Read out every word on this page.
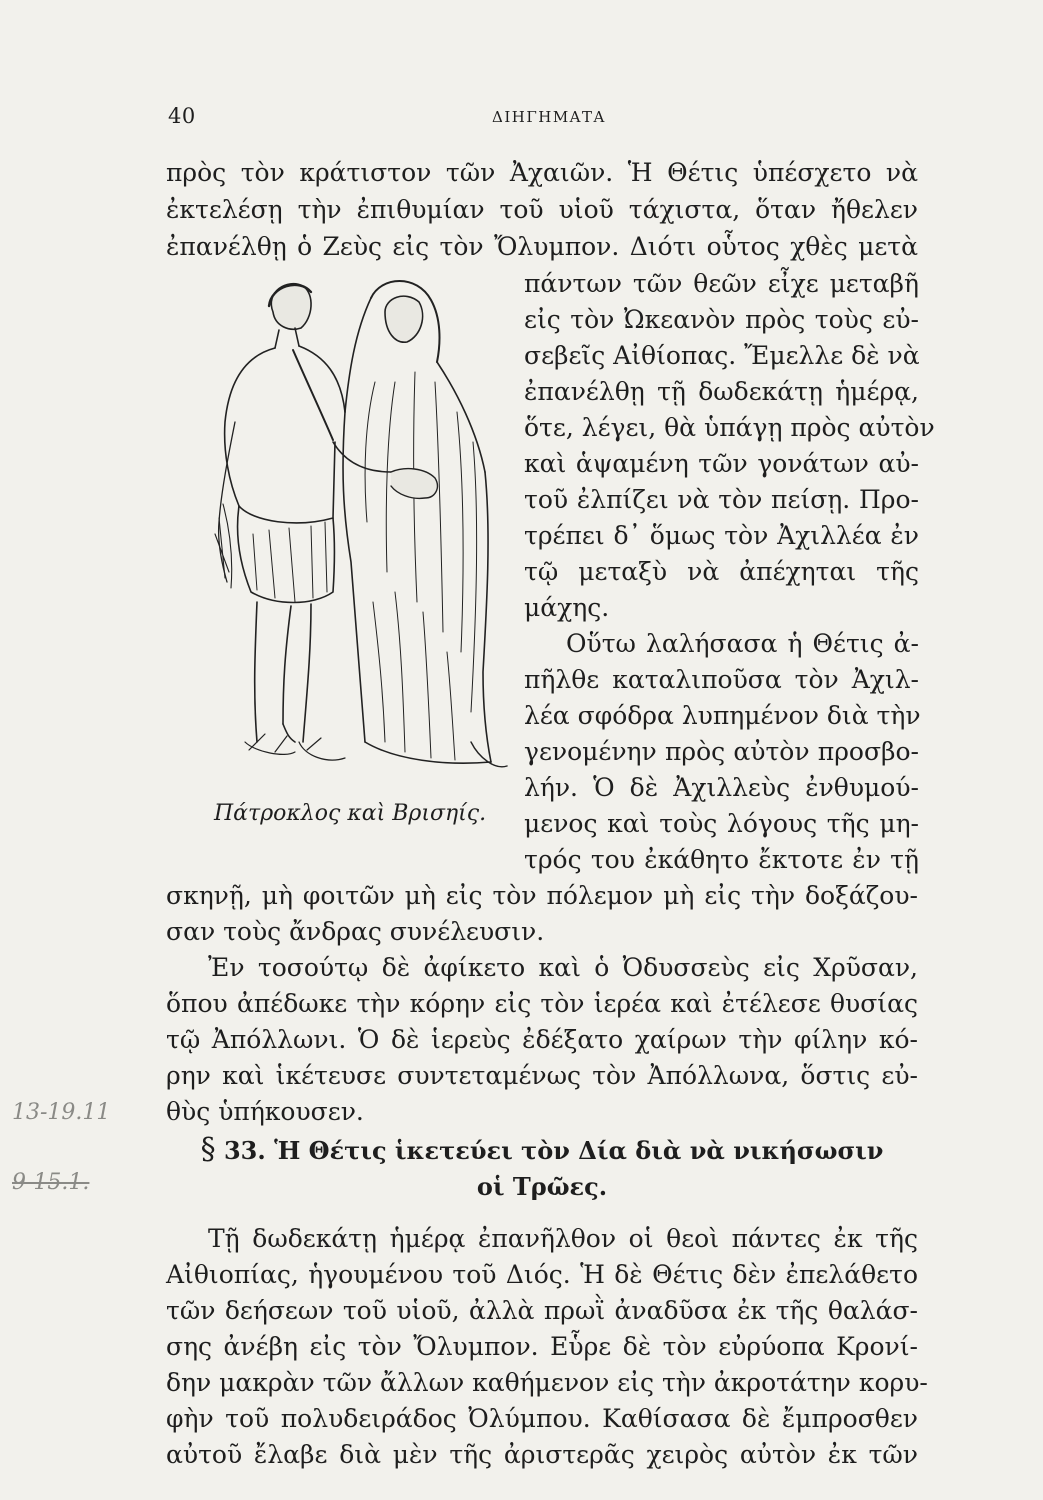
40	ΔΙΗΓΗΜΑΤΑ
πρὸς τὸν κράτιστον τῶν Ἀχαιῶν. Ἡ Θέτις ὑπέσχετο νὰ
ἐκτελέσῃ τὴν ἐπιθυμίαν τοῦ υἱοῦ τάχιστα, ὅταν ἤθελεν
ἐπανέλθῃ ὁ Ζεὺς εἰς τὸν Ὄλυμπον. Διότι οὗτος χθὲς μετὰ
πάντων τῶν θεῶν εἶχε μεταβῆ
εἰς τὸν Ὠκεανὸν πρὸς τοὺς εὐ-
σεβεῖς Αἰθίοπας. Ἔμελλε δὲ νὰ
ἐπανέλθῃ τῇ δωδεκάτῃ ἡμέρᾳ,
ὅτε, λέγει, θὰ ὑπάγῃ πρὸς αὐτὸν
καὶ ἁψαμένη τῶν γονάτων αὐ-
τοῦ ἐλπίζει νὰ τὸν πείσῃ. Προ-
τρέπει δ᾽ ὅμως τὸν Ἀχιλλέα ἐν
τῷ μεταξὺ νὰ ἀπέχηται τῆς
μάχης.
Οὕτω λαλήσασα ἡ Θέτις ἀ-
πῆλθε καταλιποῦσα τὸν Ἀχιλ-
λέα σφόδρα λυπημένον διὰ τὴν
γενομένην πρὸς αὐτὸν προσβο-
λήν. Ὁ δὲ Ἀχιλλεὺς ἐνθυμού-
μενος καὶ τοὺς λόγους τῆς μη-
τρός του ἐκάθητο ἔκτοτε ἐν τῇ
Πάτροκλος καὶ Βρισηίς.
σκηνῇ, μὴ φοιτῶν μὴ εἰς τὸν πόλεμον μὴ εἰς τὴν δοξάζου-
σαν τοὺς ἄνδρας συνέλευσιν.
Ἐν τοσούτῳ δὲ ἀφίκετο καὶ ὁ Ὀδυσσεὺς εἰς Χρῦσαν,
ὅπου ἀπέδωκε τὴν κόρην εἰς τὸν ἱερέα καὶ ἐτέλεσε θυσίας
τῷ Ἀπόλλωνι. Ὁ δὲ ἱερεὺς ἐδέξατο χαίρων τὴν φίλην κό-
ρην καὶ ἱκέτευσε συντεταμένως τὸν Ἀπόλλωνα, ὅστις εὐ-
θὺς ὑπήκουσεν.
§ 33. Ἡ Θέτις ἱκετεύει τὸν Δία διὰ νὰ νικήσωσιν
οἱ Τρῶες.
Τῇ δωδεκάτῃ ἡμέρᾳ ἐπανῆλθον οἱ θεοὶ πάντες ἐκ τῆς
Αἰθιοπίας, ἡγουμένου τοῦ Διός. Ἡ δὲ Θέτις δὲν ἐπελάθετο
τῶν δεήσεων τοῦ υἱοῦ, ἀλλὰ πρωῒ ἀναδῦσα ἐκ τῆς θαλάσ-
σης ἀνέβη εἰς τὸν Ὄλυμπον. Εὗρε δὲ τὸν εὐρύοπα Κρονί-
δην μακρὰν τῶν ἄλλων καθήμενον εἰς τὴν ἀκροτάτην κορυ-
φὴν τοῦ πολυδειράδος Ὀλύμπου. Καθίσασα δὲ ἔμπροσθεν
αὐτοῦ ἔλαβε διὰ μὲν τῆς ἀριστερᾶς χειρὸς αὐτὸν ἐκ τῶν
13-19.11
9-15.1.
